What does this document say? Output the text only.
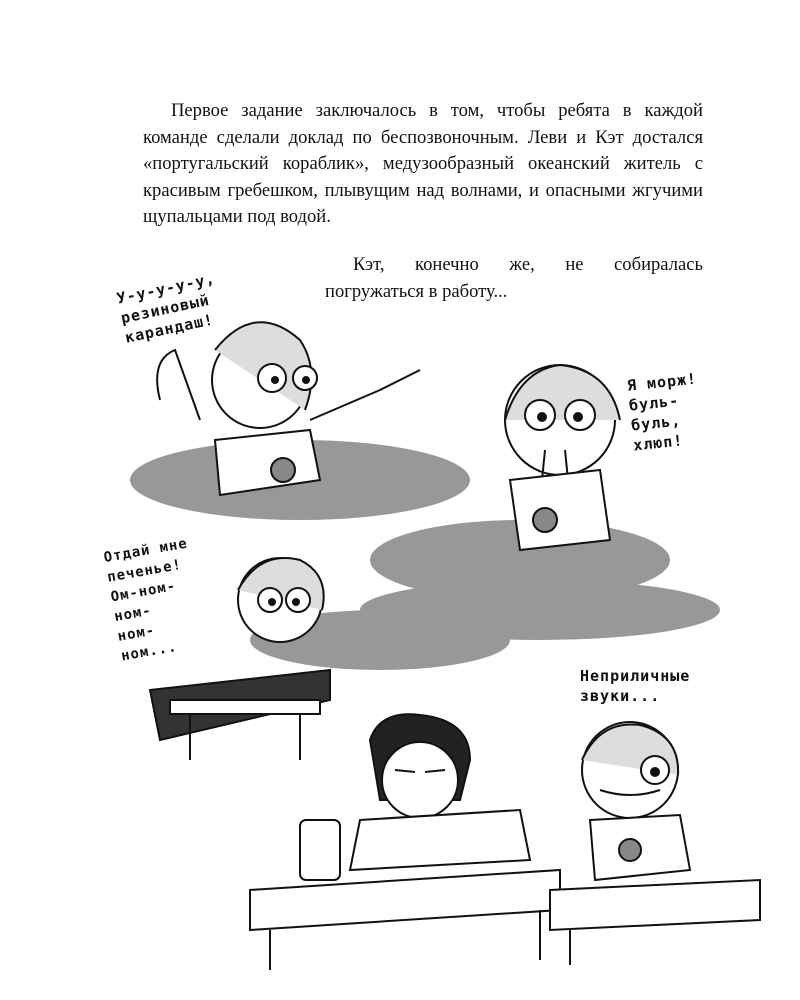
Первое задание заключалось в том, чтобы ребята в каждой команде сделали доклад по беспозвоночным. Леви и Кэт достался «португальский кораблик», медузообразный океанский житель с красивым гребешком, плывущим над волнами, и опасными жгучими щупальцами под водой.

Кэт, конечно же, не собиралась погружаться в работу...

У-у-у-у-у,
резиновый
карандаш!
Я морж!
буль-
буль,
хлюп!
Отдай мне
печенье!
Ом-ном-
ном-
ном-
ном...
Неприличные
звуки...
